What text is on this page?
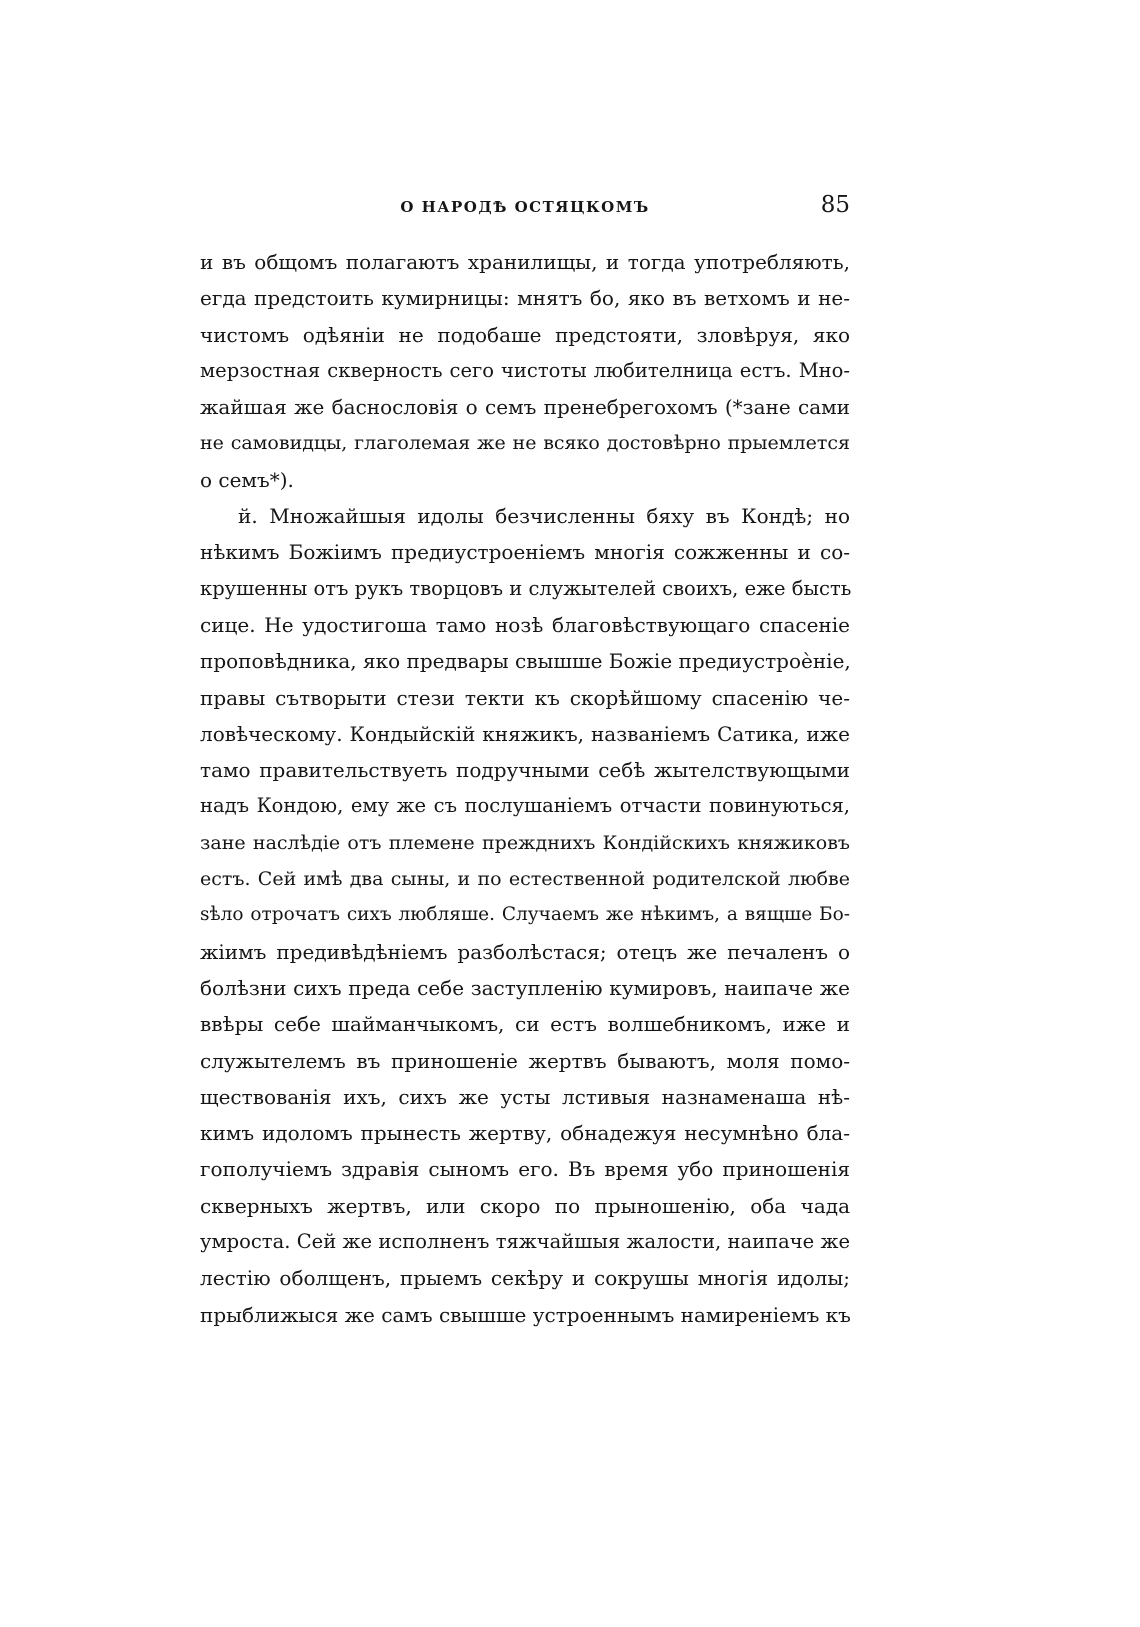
О НАРОДѢ ОСТЯЦКОМЪ	85
и въ общомъ полагаютъ хранилищы, и тогда употребляють,
егда предстоить кумирницы: мнятъ бо, яко въ ветхомъ и не-
чистомъ одѣяніи не подобаше предстояти, зловѣруя, яко
мерзостная скверность сего чистоты любителница естъ. Мно-
жайшая же баснословія о семъ пренебрегохомъ (*зане сами
не самовидцы, глаголемая же не всяко достовѣрно прыемлется
о семъ*).
й. Множайшыя идолы безчисленны бяху въ Кондѣ; но
нѣкимъ Божіимъ предиустроеніемъ многія сожженны и со-
крушенны отъ рукъ творцовъ и служытелей своихъ, еже бысть
сице. Не удостигоша тамо нозѣ благовѣствующаго спасеніе
проповѣдника, яко предвары свышше Божіе предиустроѐніе,
правы сътворыти стези текти къ скорѣйшому спасенію че-
ловѣческому. Кондыйскій княжикъ, названіемъ Сатика, иже
тамо правительствуеть подручными себѣ жытелствующыми
надъ Кондою, ему же съ послушаніемъ отчасти повинуються,
зане наслѣдіе отъ племене прежднихъ Кондійскихъ княжиковъ
естъ. Сей имѣ два сыны, и по естественной родителской любве
ѕѣло отрочатъ сихъ любляше. Случаемъ же нѣкимъ, а вящше Бо-
жіимъ предивѣдѣніемъ разболѣстася; отецъ же печаленъ о
болѣзни сихъ преда себе заступленію кумировъ, наипаче же
ввѣры себе шайманчыкомъ, си естъ волшебникомъ, иже и
служытелемъ въ приношеніе жертвъ бываютъ, моля помо-
ществованія ихъ, сихъ же усты лстивыя назнаменаша нѣ-
кимъ идоломъ прынесть жертву, обнадежуя несумнѣно бла-
гополучіемъ здравія сыномъ его. Въ время убо приношенія
скверныхъ жертвъ, или скоро по прыношенію, оба чада
умроста. Сей же исполненъ тяжчайшыя жалости, наипаче же
лестію оболщенъ, прыемъ секѣру и сокрушы многія идолы;
прыближыся же самъ свышше устроеннымъ намиреніемъ къ
